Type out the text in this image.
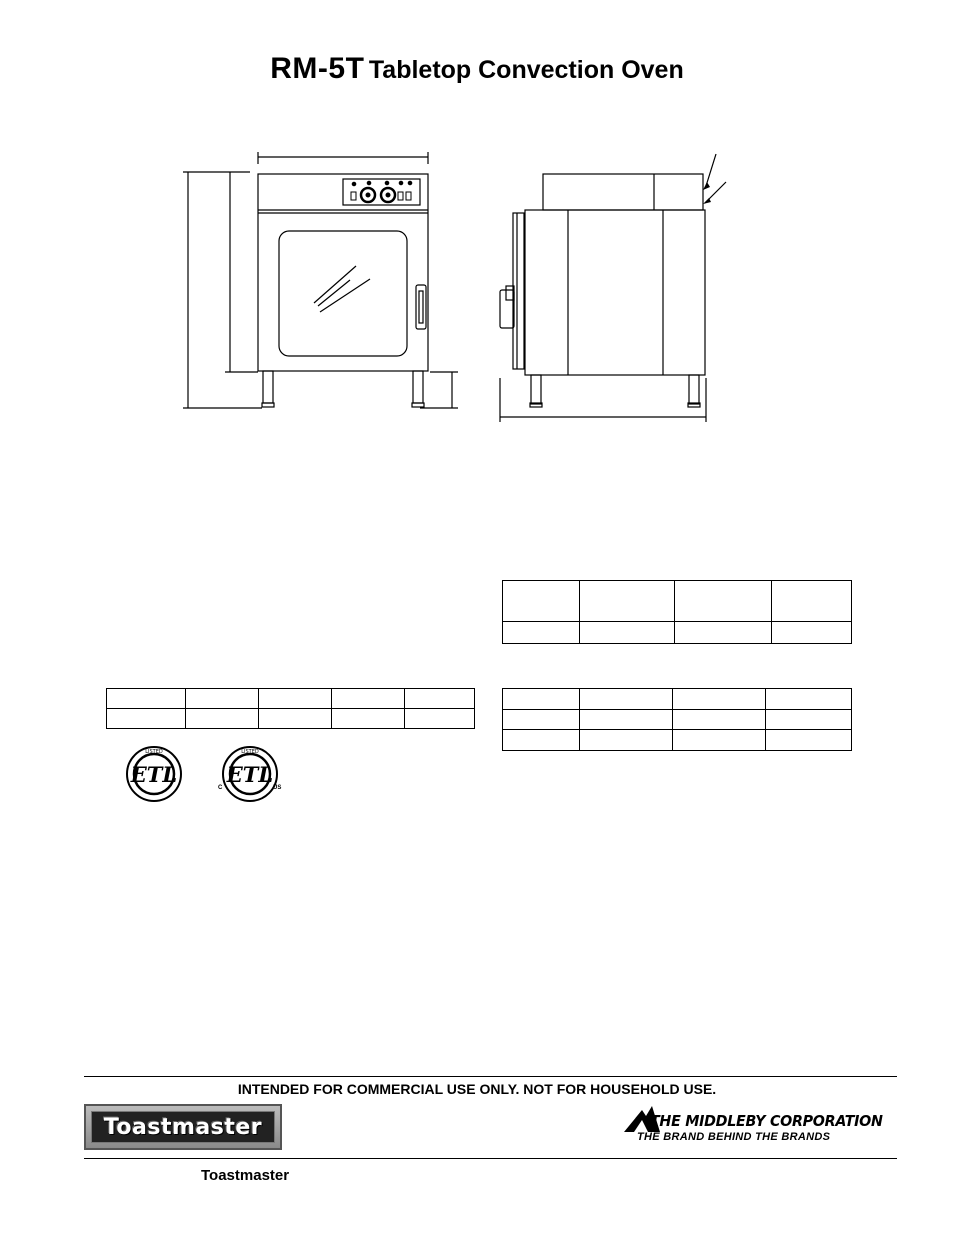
RM-5T Tabletop Convection Oven

ETL
LISTED
ETL
LISTED
C	US
INTENDED FOR COMMERCIAL USE ONLY. NOT FOR HOUSEHOLD USE.
Toastmaster	THE MIDDLEBY CORPORATION
THE BRAND BEHIND THE BRANDS
Toastmaster
